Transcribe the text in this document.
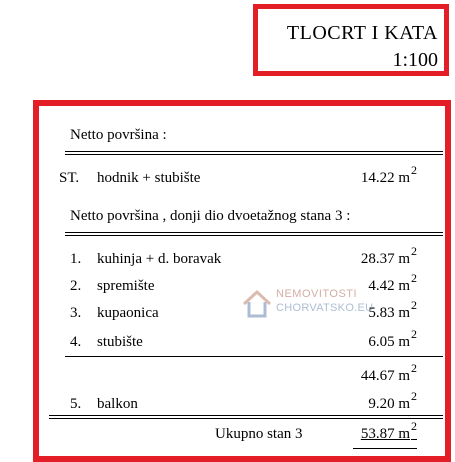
TLOCRT I KATA
1:100
Netto površina :
ST. hodnik + stubište	14.22 $m^2$
Netto površina , donji dio dvoetažnog stana 3 :
1. kuhinja + d. boravak	28.37 $m^2$
2. spremište	4.42 $m^2$
3. kupaonica	5.83 $m^2$
4. stubište	6.05 $m^2$
44.67 $m^2$
5. balkon	9.20 $m^2$
Ukupno stan 3	53.87 $m^2$
NEMOVITOSTI
CHORVATSKO.EU
